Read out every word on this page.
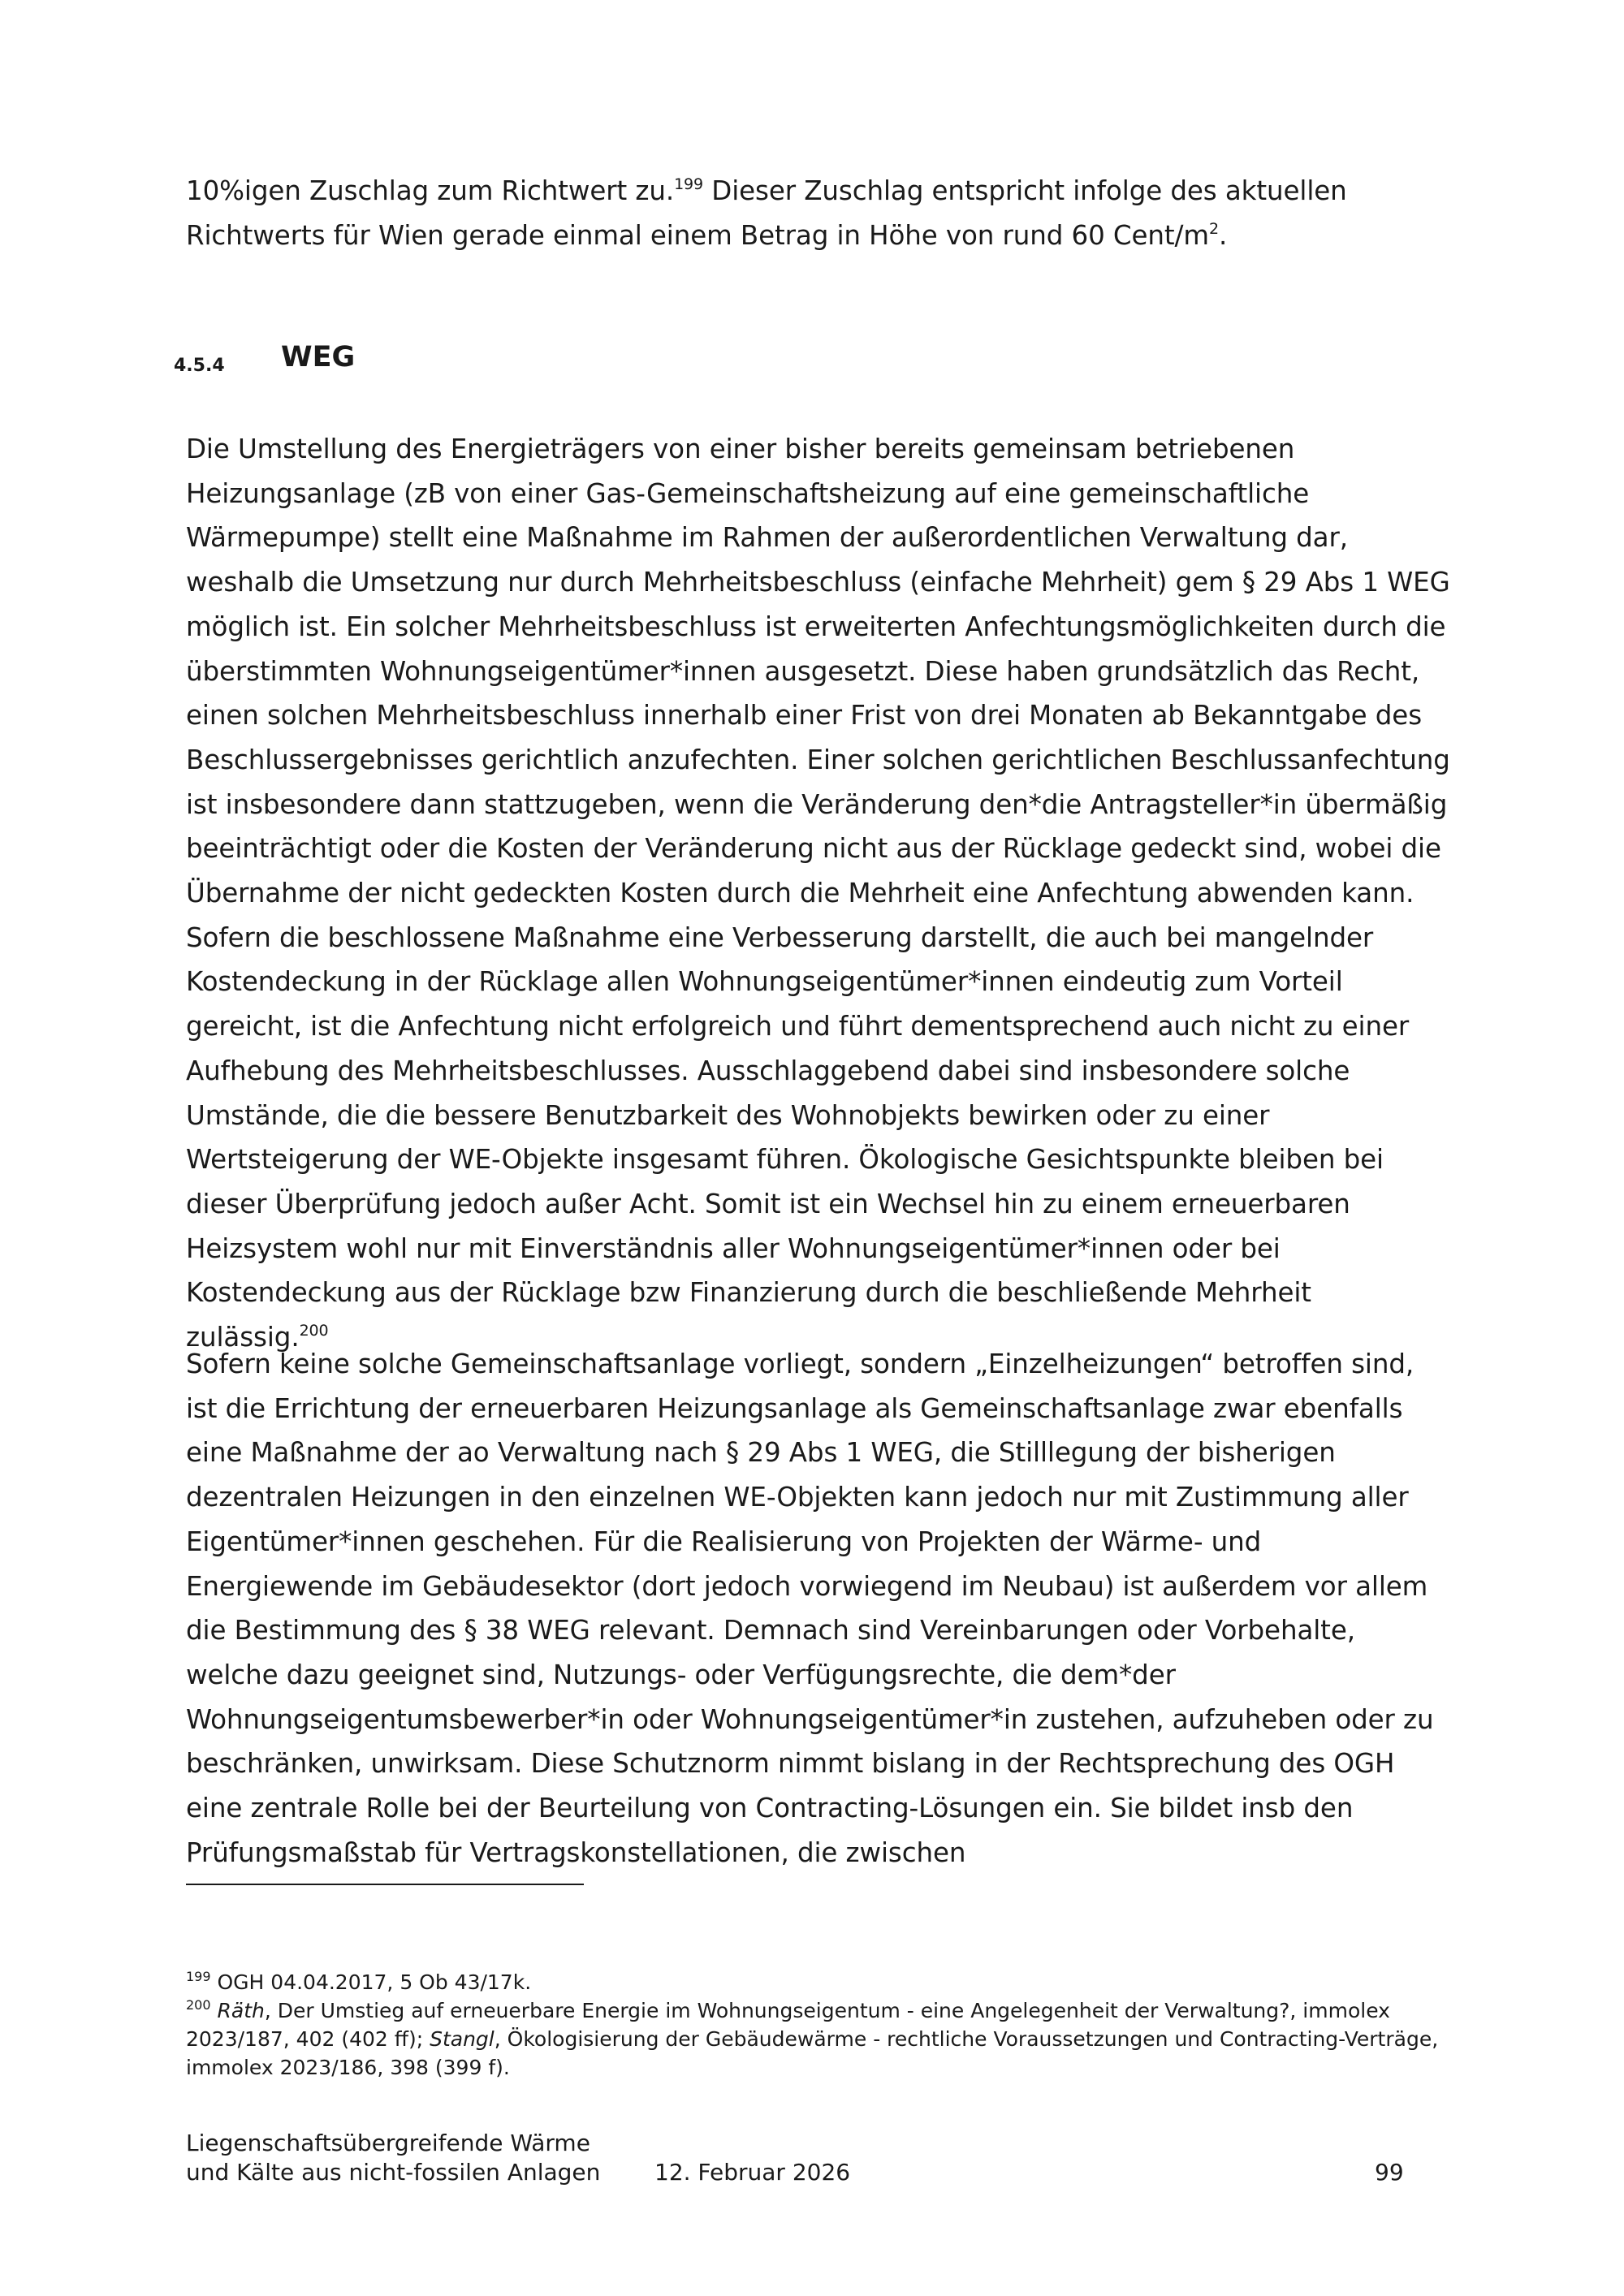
10%igen Zuschlag zum Richtwert zu.$^{199}$ Dieser Zuschlag entspricht infolge des aktuellen Richtwerts für Wien gerade einmal einem Betrag in Höhe von rund 60 Cent/$m^2$.

4.5.4 WEG

Die Umstellung des Energieträgers von einer bisher bereits gemeinsam betriebenen Heizungsanlage (zB von einer Gas-Gemeinschaftsheizung auf eine gemeinschaftliche Wärmepumpe) stellt eine Maßnahme im Rahmen der außerordentlichen Verwaltung dar, weshalb die Umsetzung nur durch Mehrheitsbeschluss (einfache Mehrheit) gem § 29 Abs 1 WEG möglich ist. Ein solcher Mehrheitsbeschluss ist erweiterten Anfechtungsmöglichkeiten durch die überstimmten Wohnungseigentümer*innen ausgesetzt. Diese haben grundsätzlich das Recht, einen solchen Mehrheitsbeschluss innerhalb einer Frist von drei Monaten ab Bekanntgabe des Beschlussergebnisses gerichtlich anzufechten. Einer solchen gerichtlichen Beschlussanfechtung ist insbesondere dann stattzugeben, wenn die Veränderung den*die Antragsteller*in übermäßig beeinträchtigt oder die Kosten der Veränderung nicht aus der Rücklage gedeckt sind, wobei die Übernahme der nicht gedeckten Kosten durch die Mehrheit eine Anfechtung abwenden kann. Sofern die beschlossene Maßnahme eine Verbesserung darstellt, die auch bei mangelnder Kostendeckung in der Rücklage allen Wohnungseigentümer*innen eindeutig zum Vorteil gereicht, ist die Anfechtung nicht erfolgreich und führt dementsprechend auch nicht zu einer Aufhebung des Mehrheitsbeschlusses. Ausschlaggebend dabei sind insbesondere solche Umstände, die die bessere Benutzbarkeit des Wohnobjekts bewirken oder zu einer Wertsteigerung der WE-Objekte insgesamt führen. Ökologische Gesichtspunkte bleiben bei dieser Überprüfung jedoch außer Acht. Somit ist ein Wechsel hin zu einem erneuerbaren Heizsystem wohl nur mit Einverständnis aller Wohnungseigentümer*innen oder bei Kostendeckung aus der Rücklage bzw Finanzierung durch die beschließende Mehrheit zulässig.$^{200}$

Sofern keine solche Gemeinschaftsanlage vorliegt, sondern „Einzelheizungen“ betroffen sind, ist die Errichtung der erneuerbaren Heizungsanlage als Gemeinschaftsanlage zwar ebenfalls eine Maßnahme der ao Verwaltung nach § 29 Abs 1 WEG, die Stilllegung der bisherigen dezentralen Heizungen in den einzelnen WE-Objekten kann jedoch nur mit Zustimmung aller Eigentümer*innen geschehen. Für die Realisierung von Projekten der Wärme- und Energiewende im Gebäudesektor (dort jedoch vorwiegend im Neubau) ist außerdem vor allem die Bestimmung des § 38 WEG relevant. Demnach sind Vereinbarungen oder Vorbehalte, welche dazu geeignet sind, Nutzungs- oder Verfügungsrechte, die dem*der Wohnungseigentumsbewerber*in oder Wohnungseigentümer*in zustehen, aufzuheben oder zu beschränken, unwirksam. Diese Schutznorm nimmt bislang in der Rechtsprechung des OGH eine zentrale Rolle bei der Beurteilung von Contracting-Lösungen ein. Sie bildet insb den Prüfungsmaßstab für Vertragskonstellationen, die zwischen

$^{199}$ OGH 04.04.2017, 5 Ob 43/17k.

$^{200}$ Räth, Der Umstieg auf erneuerbare Energie im Wohnungseigentum - eine Angelegenheit der Verwaltung?, immolex 2023/187, 402 (402 ff); Stangl, Ökologisierung der Gebäudewärme - rechtliche Voraussetzungen und Contracting-Verträge, immolex 2023/186, 398 (399 f).

Liegenschaftsübergreifende Wärme
und Kälte aus nicht-fossilen Anlagen	12. Februar 2026	99
